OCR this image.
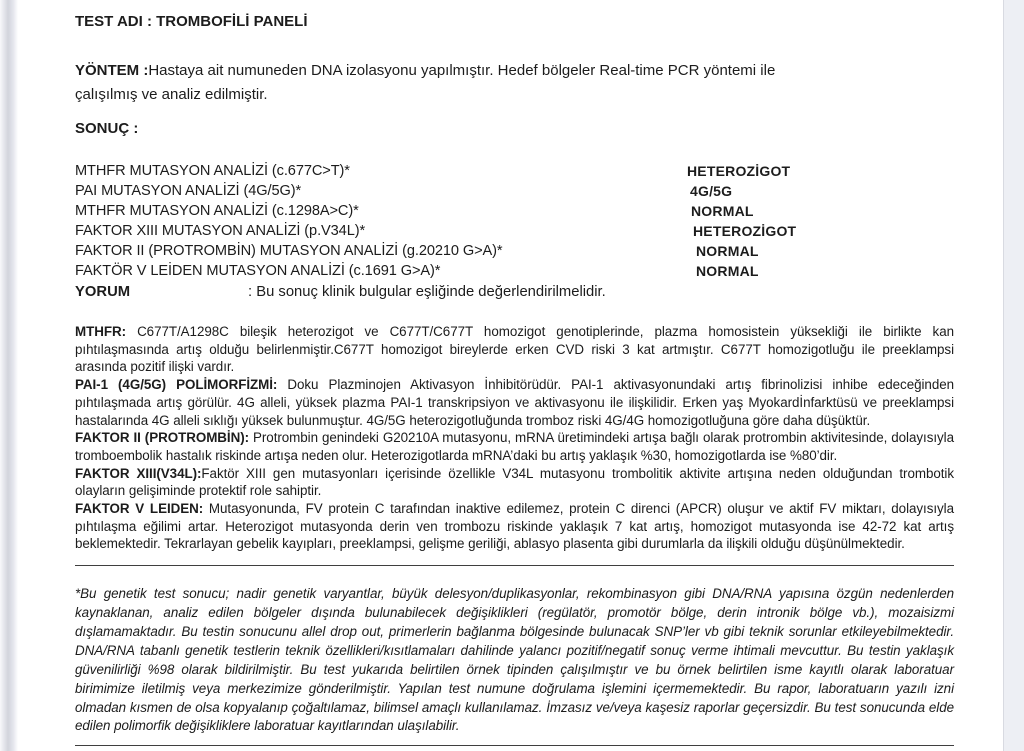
TEST ADI : TROMBOFİLİ PANELİ

YÖNTEM :Hastaya ait numuneden DNA izolasyonu yapılmıştır. Hedef bölgeler Real-time PCR yöntemi ile çalışılmış ve analiz edilmiştir.

SONUÇ :

MTHFR MUTASYON ANALİZİ (c.677C>T)*	HETEROZİGOT
PAI MUTASYON ANALİZİ (4G/5G)*	4G/5G
MTHFR MUTASYON ANALİZİ (c.1298A>C)*	NORMAL
FAKTOR XIII MUTASYON ANALİZİ (p.V34L)*	HETEROZİGOT
FAKTOR II (PROTROMBİN) MUTASYON ANALİZİ (g.20210 G>A)*	NORMAL
FAKTÖR V LEİDEN MUTASYON ANALİZİ (c.1691 G>A)*	NORMAL
YORUM	: Bu sonuç klinik bulgular eşliğinde değerlendirilmelidir.

MTHFR: C677T/A1298C bileşik heterozigot ve C677T/C677T homozigot genotiplerinde, plazma homosistein yüksekliği ile birlikte kan pıhtılaşmasında artış olduğu belirlenmiştir.C677T homozigot bireylerde erken CVD riski 3 kat artmıştır. C677T homozigotluğu ile preeklampsi arasında pozitif ilişki vardır.

PAI-1 (4G/5G) POLİMORFİZMİ: Doku Plazminojen Aktivasyon İnhibitörüdür. PAI-1 aktivasyonundaki artış fibrinolizisi inhibe edeceğinden pıhtılaşmada artış görülür. 4G alleli, yüksek plazma PAI-1 transkripsiyon ve aktivasyonu ile ilişkilidir. Erken yaş Myokardİnfarktüsü ve preeklampsi hastalarında 4G alleli sıklığı yüksek bulunmuştur. 4G/5G heterozigotluğunda tromboz riski 4G/4G homozigotluğuna göre daha düşüktür.

FAKTOR II (PROTROMBİN): Protrombin genindeki G20210A mutasyonu, mRNA üretimindeki artışa bağlı olarak protrombin aktivitesinde, dolayısıyla tromboembolik hastalık riskinde artışa neden olur. Heterozigotlarda mRNA’daki bu artış yaklaşık %30, homozigotlarda ise %80’dir.

FAKTOR XIII(V34L):Faktör XIII gen mutasyonları içerisinde özellikle V34L mutasyonu trombolitik aktivite artışına neden olduğundan trombotik olayların gelişiminde protektif role sahiptir.

FAKTOR V LEIDEN: Mutasyonunda, FV protein C tarafından inaktive edilemez, protein C direnci (APCR) oluşur ve aktif FV miktarı, dolayısıyla pıhtılaşma eğilimi artar. Heterozigot mutasyonda derin ven trombozu riskinde yaklaşık 7 kat artış, homozigot mutasyonda ise 42-72 kat artış beklemektedir. Tekrarlayan gebelik kayıpları, preeklampsi, gelişme geriliği, ablasyo plasenta gibi durumlarla da ilişkili olduğu düşünülmektedir.

*Bu genetik test sonucu; nadir genetik varyantlar, büyük delesyon/duplikasyonlar, rekombinasyon gibi DNA/RNA yapısına özgün nedenlerden kaynaklanan, analiz edilen bölgeler dışında bulunabilecek değişiklikleri (regülatör, promotör bölge, derin intronik bölge vb.), mozaisizmi dışlamamaktadır. Bu testin sonucunu allel drop out, primerlerin bağlanma bölgesinde bulunacak SNP’ler vb gibi teknik sorunlar etkileyebilmektedir. DNA/RNA tabanlı genetik testlerin teknik özellikleri/kısıtlamaları dahilinde yalancı pozitif/negatif sonuç verme ihtimali mevcuttur. Bu testin yaklaşık güvenilirliği %98 olarak bildirilmiştir. Bu test yukarıda belirtilen örnek tipinden çalışılmıştır ve bu örnek belirtilen isme kayıtlı olarak laboratuar birimimize iletilmiş veya merkezimize gönderilmiştir. Yapılan test numune doğrulama işlemini içermemektedir. Bu rapor, laboratuarın yazılı izni olmadan kısmen de olsa kopyalanıp çoğaltılamaz, bilimsel amaçlı kullanılamaz. İmzasız ve/veya kaşesiz raporlar geçersizdir. Bu test sonucunda elde edilen polimorfik değişikliklere laboratuar kayıtlarından ulaşılabilir.
